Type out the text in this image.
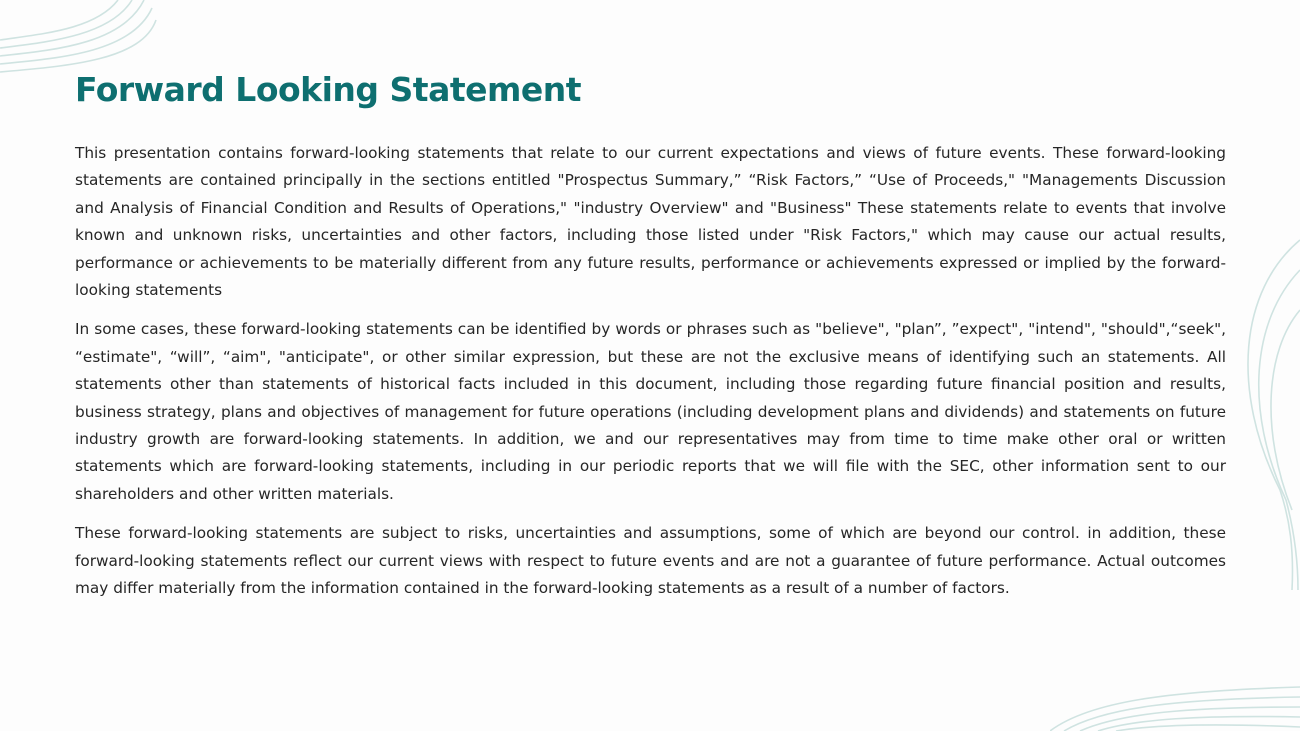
Forward Looking Statement

This presentation contains forward-looking statements that relate to our current expectations and views of future events. These forward-looking statements are contained principally in the sections entitled "Prospectus Summary,” “Risk Factors,” “Use of Proceeds," "Managements Discussion and Analysis of Financial Condition and Results of Operations," "industry Overview" and "Business" These statements relate to events that involve known and unknown risks, uncertainties and other factors, including those listed under "Risk Factors," which may cause our actual results, performance or achievements to be materially different from any future results, performance or achievements expressed or implied by the forward-looking statements

In some cases, these forward-looking statements can be identified by words or phrases such as "believe", "plan”, ”expect", "intend", "should",“seek", “estimate", “will”, “aim", "anticipate", or other similar expression, but these are not the exclusive means of identifying such an statements. All statements other than statements of historical facts included in this document, including those regarding future financial position and results, business strategy, plans and objectives of management for future operations (including development plans and dividends) and statements on future industry growth are forward-looking statements. In addition, we and our representatives may from time to time make other oral or written statements which are forward-looking statements, including in our periodic reports that we will file with the SEC, other information sent to our shareholders and other written materials.

These forward-looking statements are subject to risks, uncertainties and assumptions, some of which are beyond our control. in addition, these forward-looking statements reflect our current views with respect to future events and are not a guarantee of future performance. Actual outcomes may differ materially from the information contained in the forward-looking statements as a result of a number of factors.
